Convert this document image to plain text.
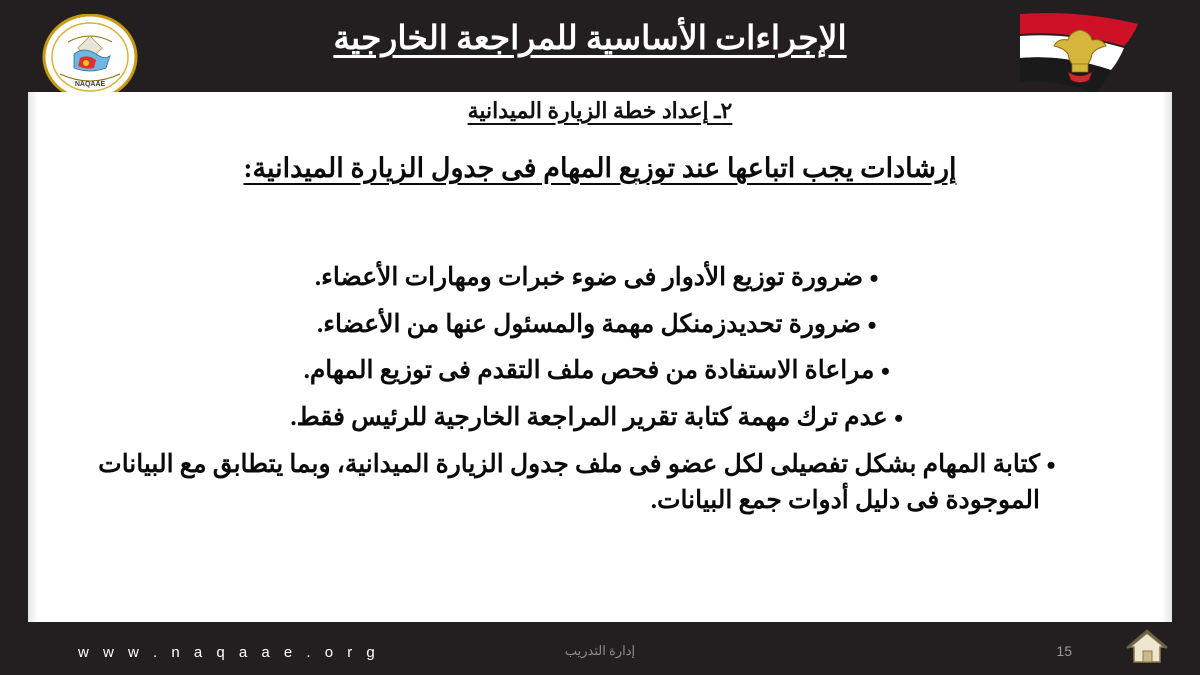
NAQAAE
الإجراءات الأساسية للمراجعة الخارجية
٢ـ إعداد خطة الزيارة الميدانية
إرشادات يجب اتباعها عند توزيع المهام فى جدول الزيارة الميدانية:
•
ضرورة توزيع الأدوار فى ضوء خبرات ومهارات الأعضاء.
•
ضرورة تحديدزمنكل مهمة والمسئول عنها من الأعضاء.
•
مراعاة الاستفادة من فحص ملف التقدم فى توزيع المهام.
•
عدم ترك مهمة كتابة تقرير المراجعة الخارجية للرئيس فقط.
•
كتابة المهام بشكل تفصيلى لكل عضو فى ملف جدول الزيارة الميدانية، وبما يتطابق مع البيانات الموجودة فى دليل أدوات جمع البيانات.
w w w . n a q a a e . o r g	إدارة التدريب	15
